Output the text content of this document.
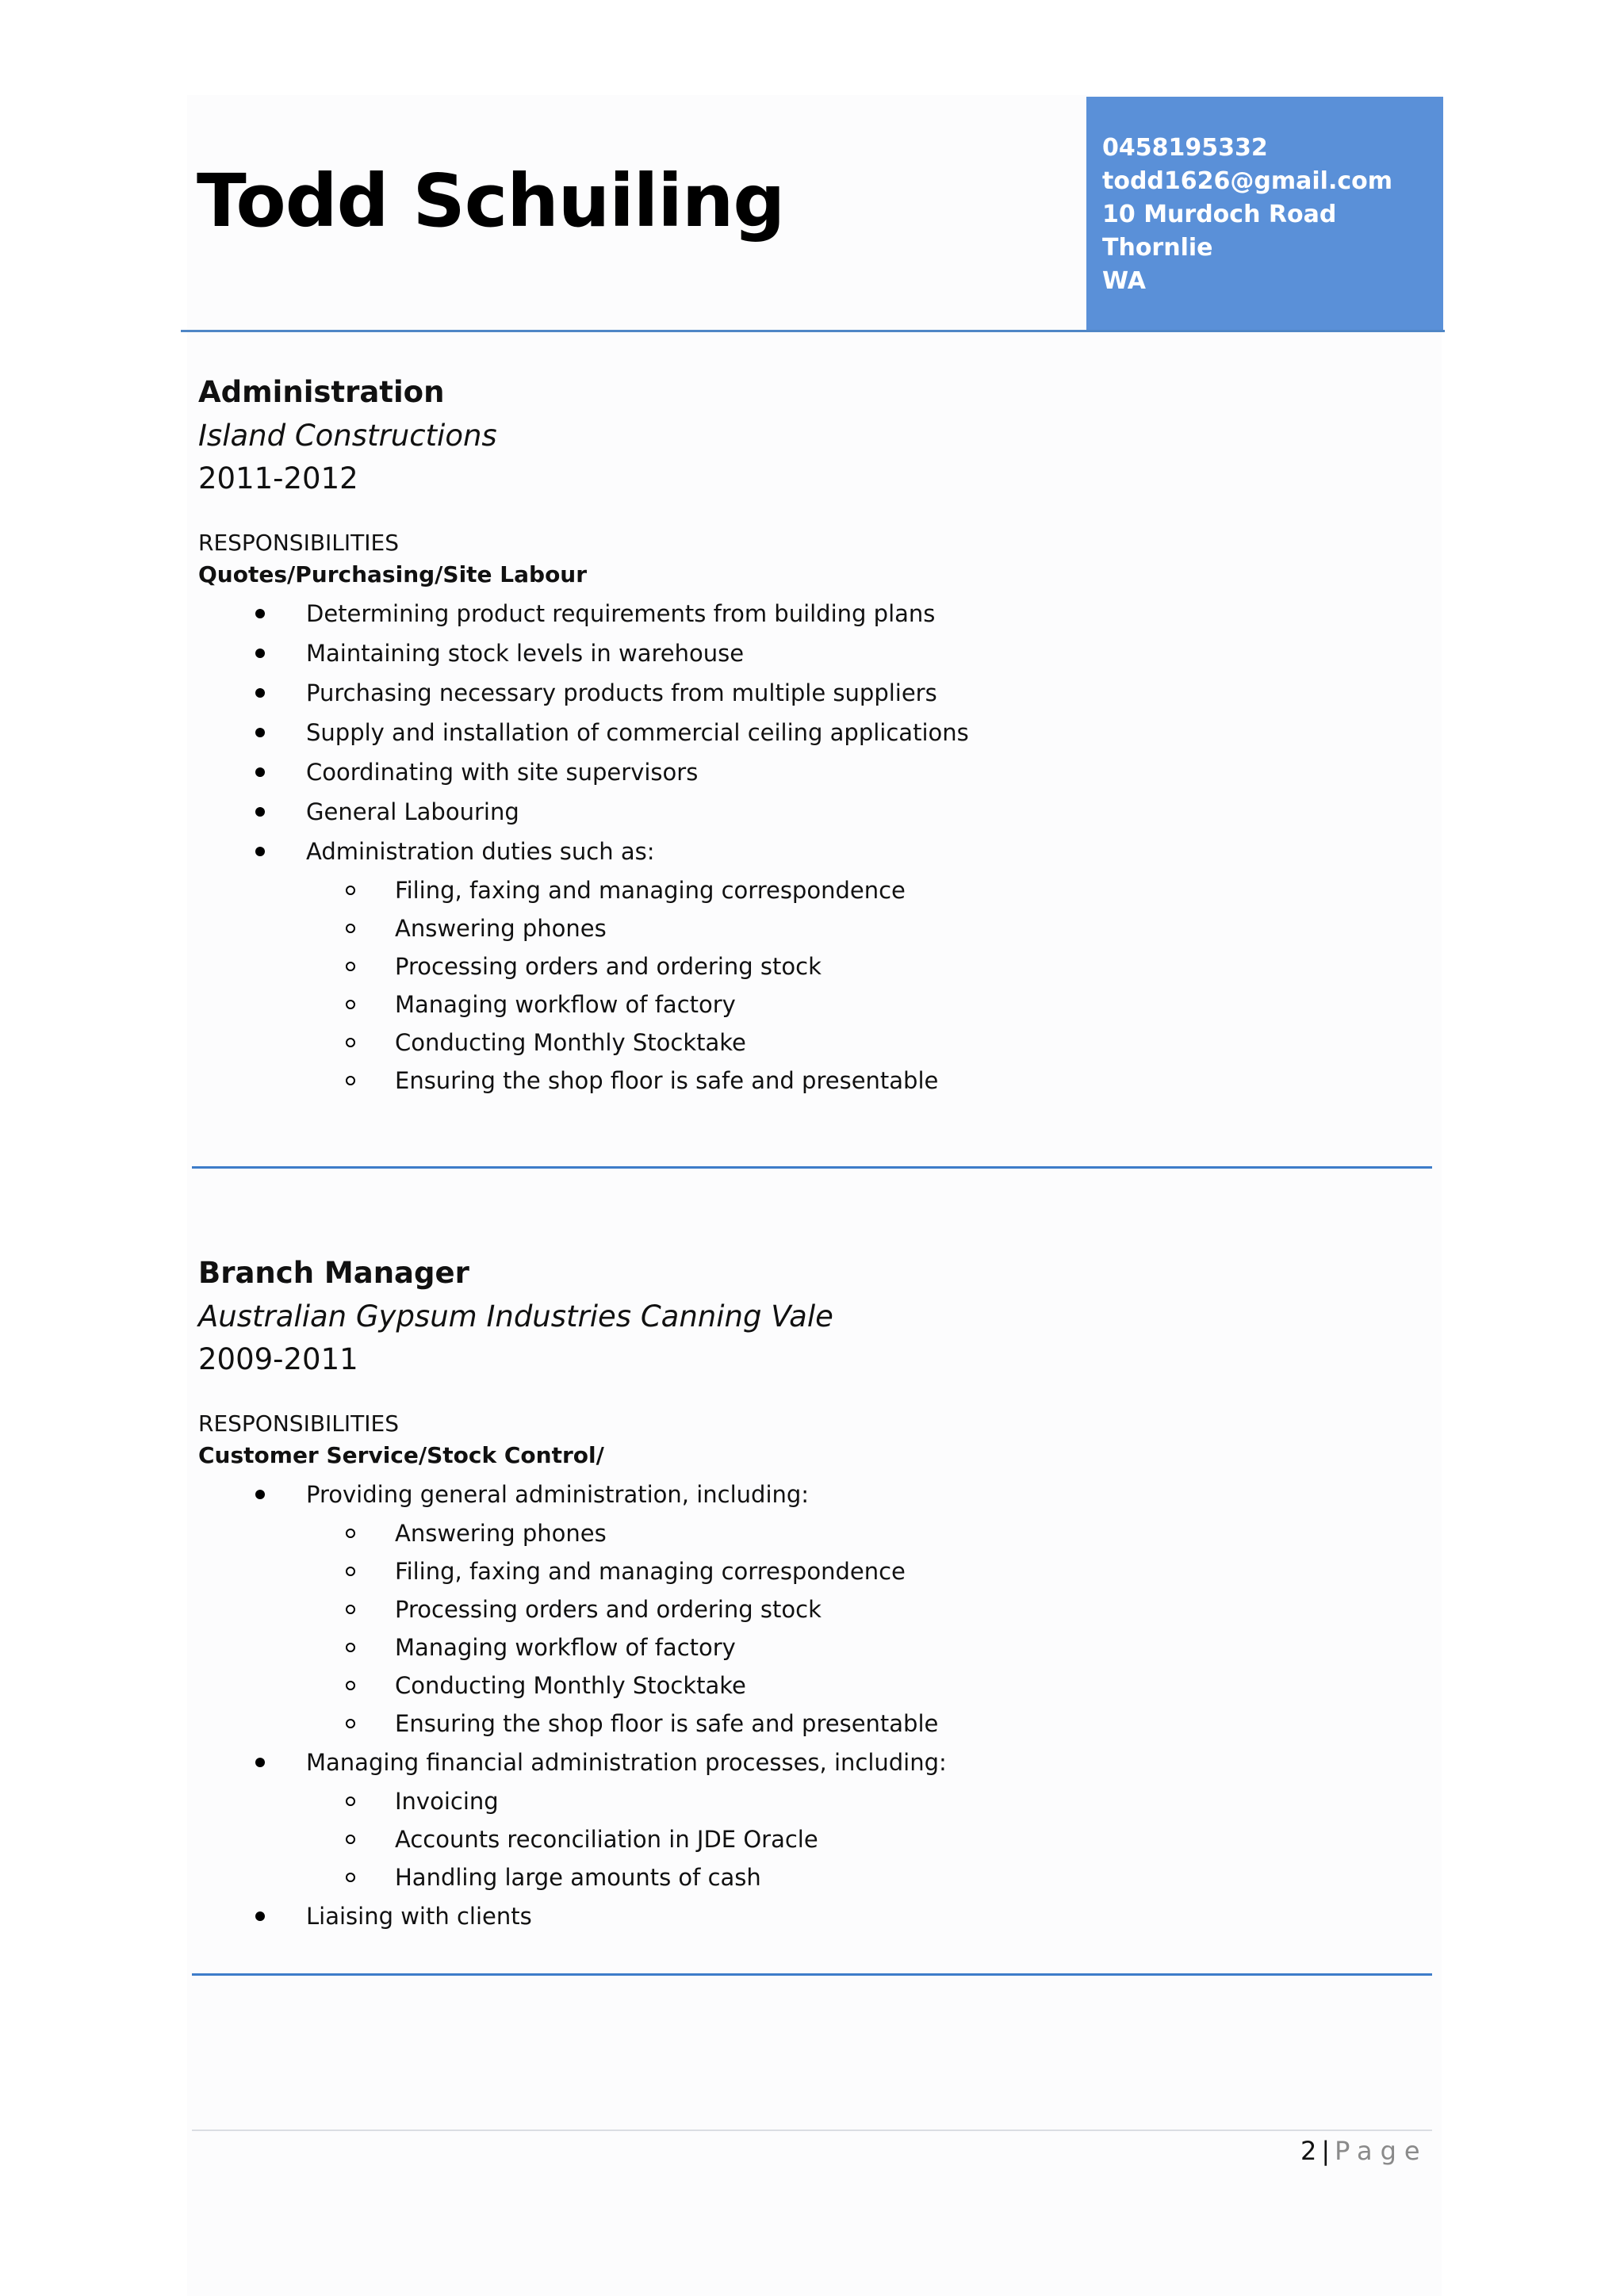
Todd Schuiling
0458195332
todd1626@gmail.com
10 Murdoch Road
Thornlie
WA
Administration
Island Constructions
2011-2012
RESPONSIBILITIES
Quotes/Purchasing/Site Labour
Determining product requirements from building plans
Maintaining stock levels in warehouse
Purchasing necessary products from multiple suppliers
Supply and installation of commercial ceiling applications
Coordinating with site supervisors
General Labouring
Administration duties such as:
Filing, faxing and managing correspondence
Answering phones
Processing orders and ordering stock
Managing workflow of factory
Conducting Monthly Stocktake
Ensuring the shop floor is safe and presentable
Branch Manager
Australian Gypsum Industries Canning Vale
2009-2011
RESPONSIBILITIES
Customer Service/Stock Control/
Providing general administration, including:
Answering phones
Filing, faxing and managing correspondence
Processing orders and ordering stock
Managing workflow of factory
Conducting Monthly Stocktake
Ensuring the shop floor is safe and presentable
Managing financial administration processes, including:
Invoicing
Accounts reconciliation in JDE Oracle
Handling large amounts of cash
Liaising with clients
2 | Page
